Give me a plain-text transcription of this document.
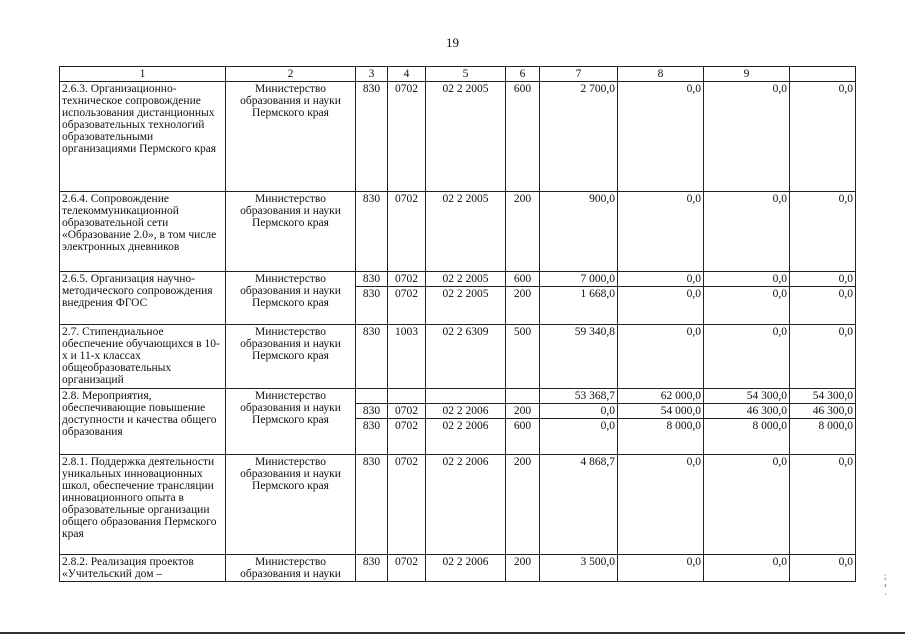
19
1	2	3	4	5	6	7	8	9	
2.6.3. Организационно-техническое сопровождение использования дистанционных образовательных технологий образовательными организациями Пермского края	Министерство образования и науки Пермского края	830	0702	02 2 2005	600	2 700,0	0,0	0,0	0,0
2.6.4. Сопровождение телекоммуникационной образовательной сети «Образование 2.0», в том числе электронных дневников	Министерство образования и науки Пермского края	830	0702	02 2 2005	200	900,0	0,0	0,0	0,0
2.6.5. Организация научно-методического сопровождения внедрения ФГОС	Министерство образования и науки Пермского края	830	0702	02 2 2005	600	7 000,0	0,0	0,0	0,0
		830	0702	02 2 2005	200	1 668,0	0,0	0,0	0,0
2.7. Стипендиальное обеспечение обучающихся в 10-х и 11-х классах общеобразовательных организаций	Министерство образования и науки Пермского края	830	1003	02 2 6309	500	59 340,8	0,0	0,0	0,0
2.8. Мероприятия, обеспечивающие повышение доступности и качества общего образования	Министерство образования и науки Пермского края					53 368,7	62 000,0	54 300,0	54 300,0
		830	0702	02 2 2006	200	0,0	54 000,0	46 300,0	46 300,0
		830	0702	02 2 2006	600	0,0	8 000,0	8 000,0	8 000,0
2.8.1. Поддержка деятельности уникальных инновационных школ, обеспечение трансляции инновационного опыта в образовательные организации общего образования Пермского края	Министерство образования и науки Пермского края	830	0702	02 2 2006	200	4 868,7	0,0	0,0	0,0
2.8.2. Реализация проектов «Учительский дом –	Министерство образования и науки	830	0702	02 2 2006	200	3 500,0	0,0	0,0	0,0
; ‹ ·
